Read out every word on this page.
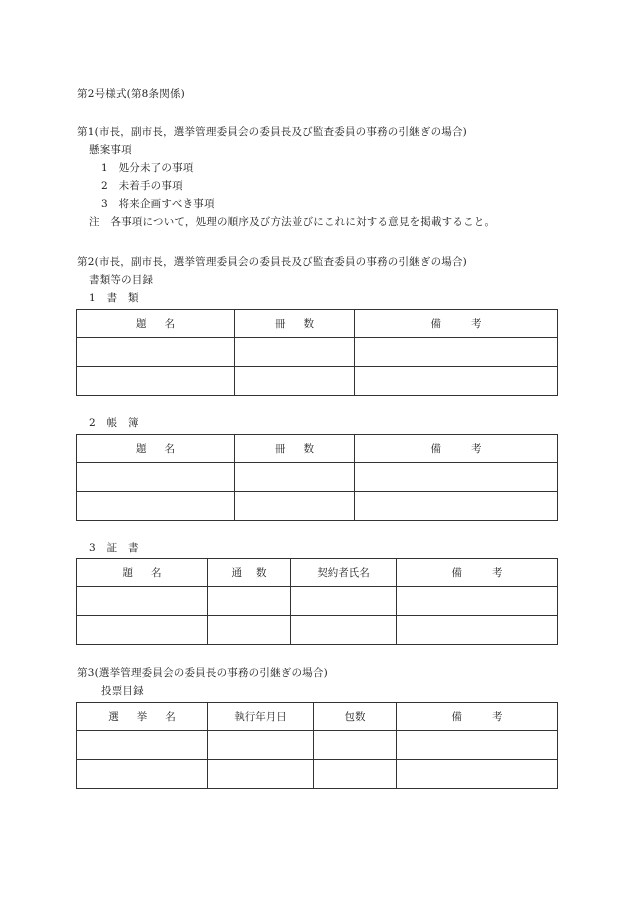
第2号様式(第8条関係)
第1(市長，副市長，選挙管理委員会の委員長及び監査委員の事務の引継ぎの場合)
懸案事項
1　処分未了の事項
2　未着手の事項
3　将来企画すべき事項
注　各事項について，処理の順序及び方法並びにこれに対する意見を掲載すること。
第2(市長，副市長，選挙管理委員会の委員長及び監査委員の事務の引継ぎの場合)
書類等の目録
1　書　類
題名	冊数	備考

2　帳　簿
題名	冊数	備考

3　証　書
題名	通数	契約者氏名	備考

第3(選挙管理委員会の委員長の事務の引継ぎの場合)
投票目録
選挙名	執行年月日	包数	備考
